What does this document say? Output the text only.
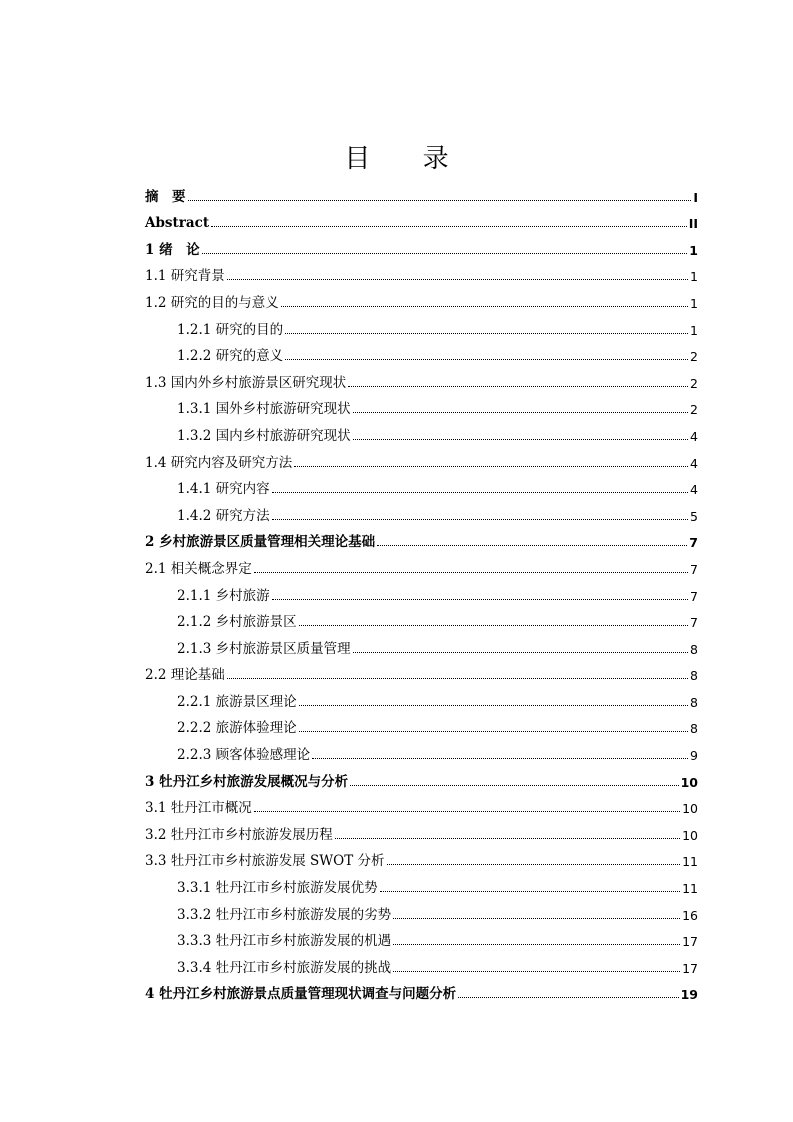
目 录
摘　要	I
Abstract	II
1 绪　论	1
1.1 研究背景	1
1.2 研究的目的与意义	1
1.2.1 研究的目的	1
1.2.2 研究的意义	2
1.3 国内外乡村旅游景区研究现状	2
1.3.1 国外乡村旅游研究现状	2
1.3.2 国内乡村旅游研究现状	4
1.4 研究内容及研究方法	4
1.4.1 研究内容	4
1.4.2 研究方法	5
2 乡村旅游景区质量管理相关理论基础	7
2.1 相关概念界定	7
2.1.1 乡村旅游	7
2.1.2 乡村旅游景区	7
2.1.3 乡村旅游景区质量管理	8
2.2 理论基础	8
2.2.1 旅游景区理论	8
2.2.2 旅游体验理论	8
2.2.3 顾客体验感理论	9
3 牡丹江乡村旅游发展概况与分析	10
3.1 牡丹江市概况	10
3.2 牡丹江市乡村旅游发展历程	10
3.3 牡丹江市乡村旅游发展 SWOT 分析	11
3.3.1 牡丹江市乡村旅游发展优势	11
3.3.2 牡丹江市乡村旅游发展的劣势	16
3.3.3 牡丹江市乡村旅游发展的机遇	17
3.3.4 牡丹江市乡村旅游发展的挑战	17
4 牡丹江乡村旅游景点质量管理现状调查与问题分析	19
